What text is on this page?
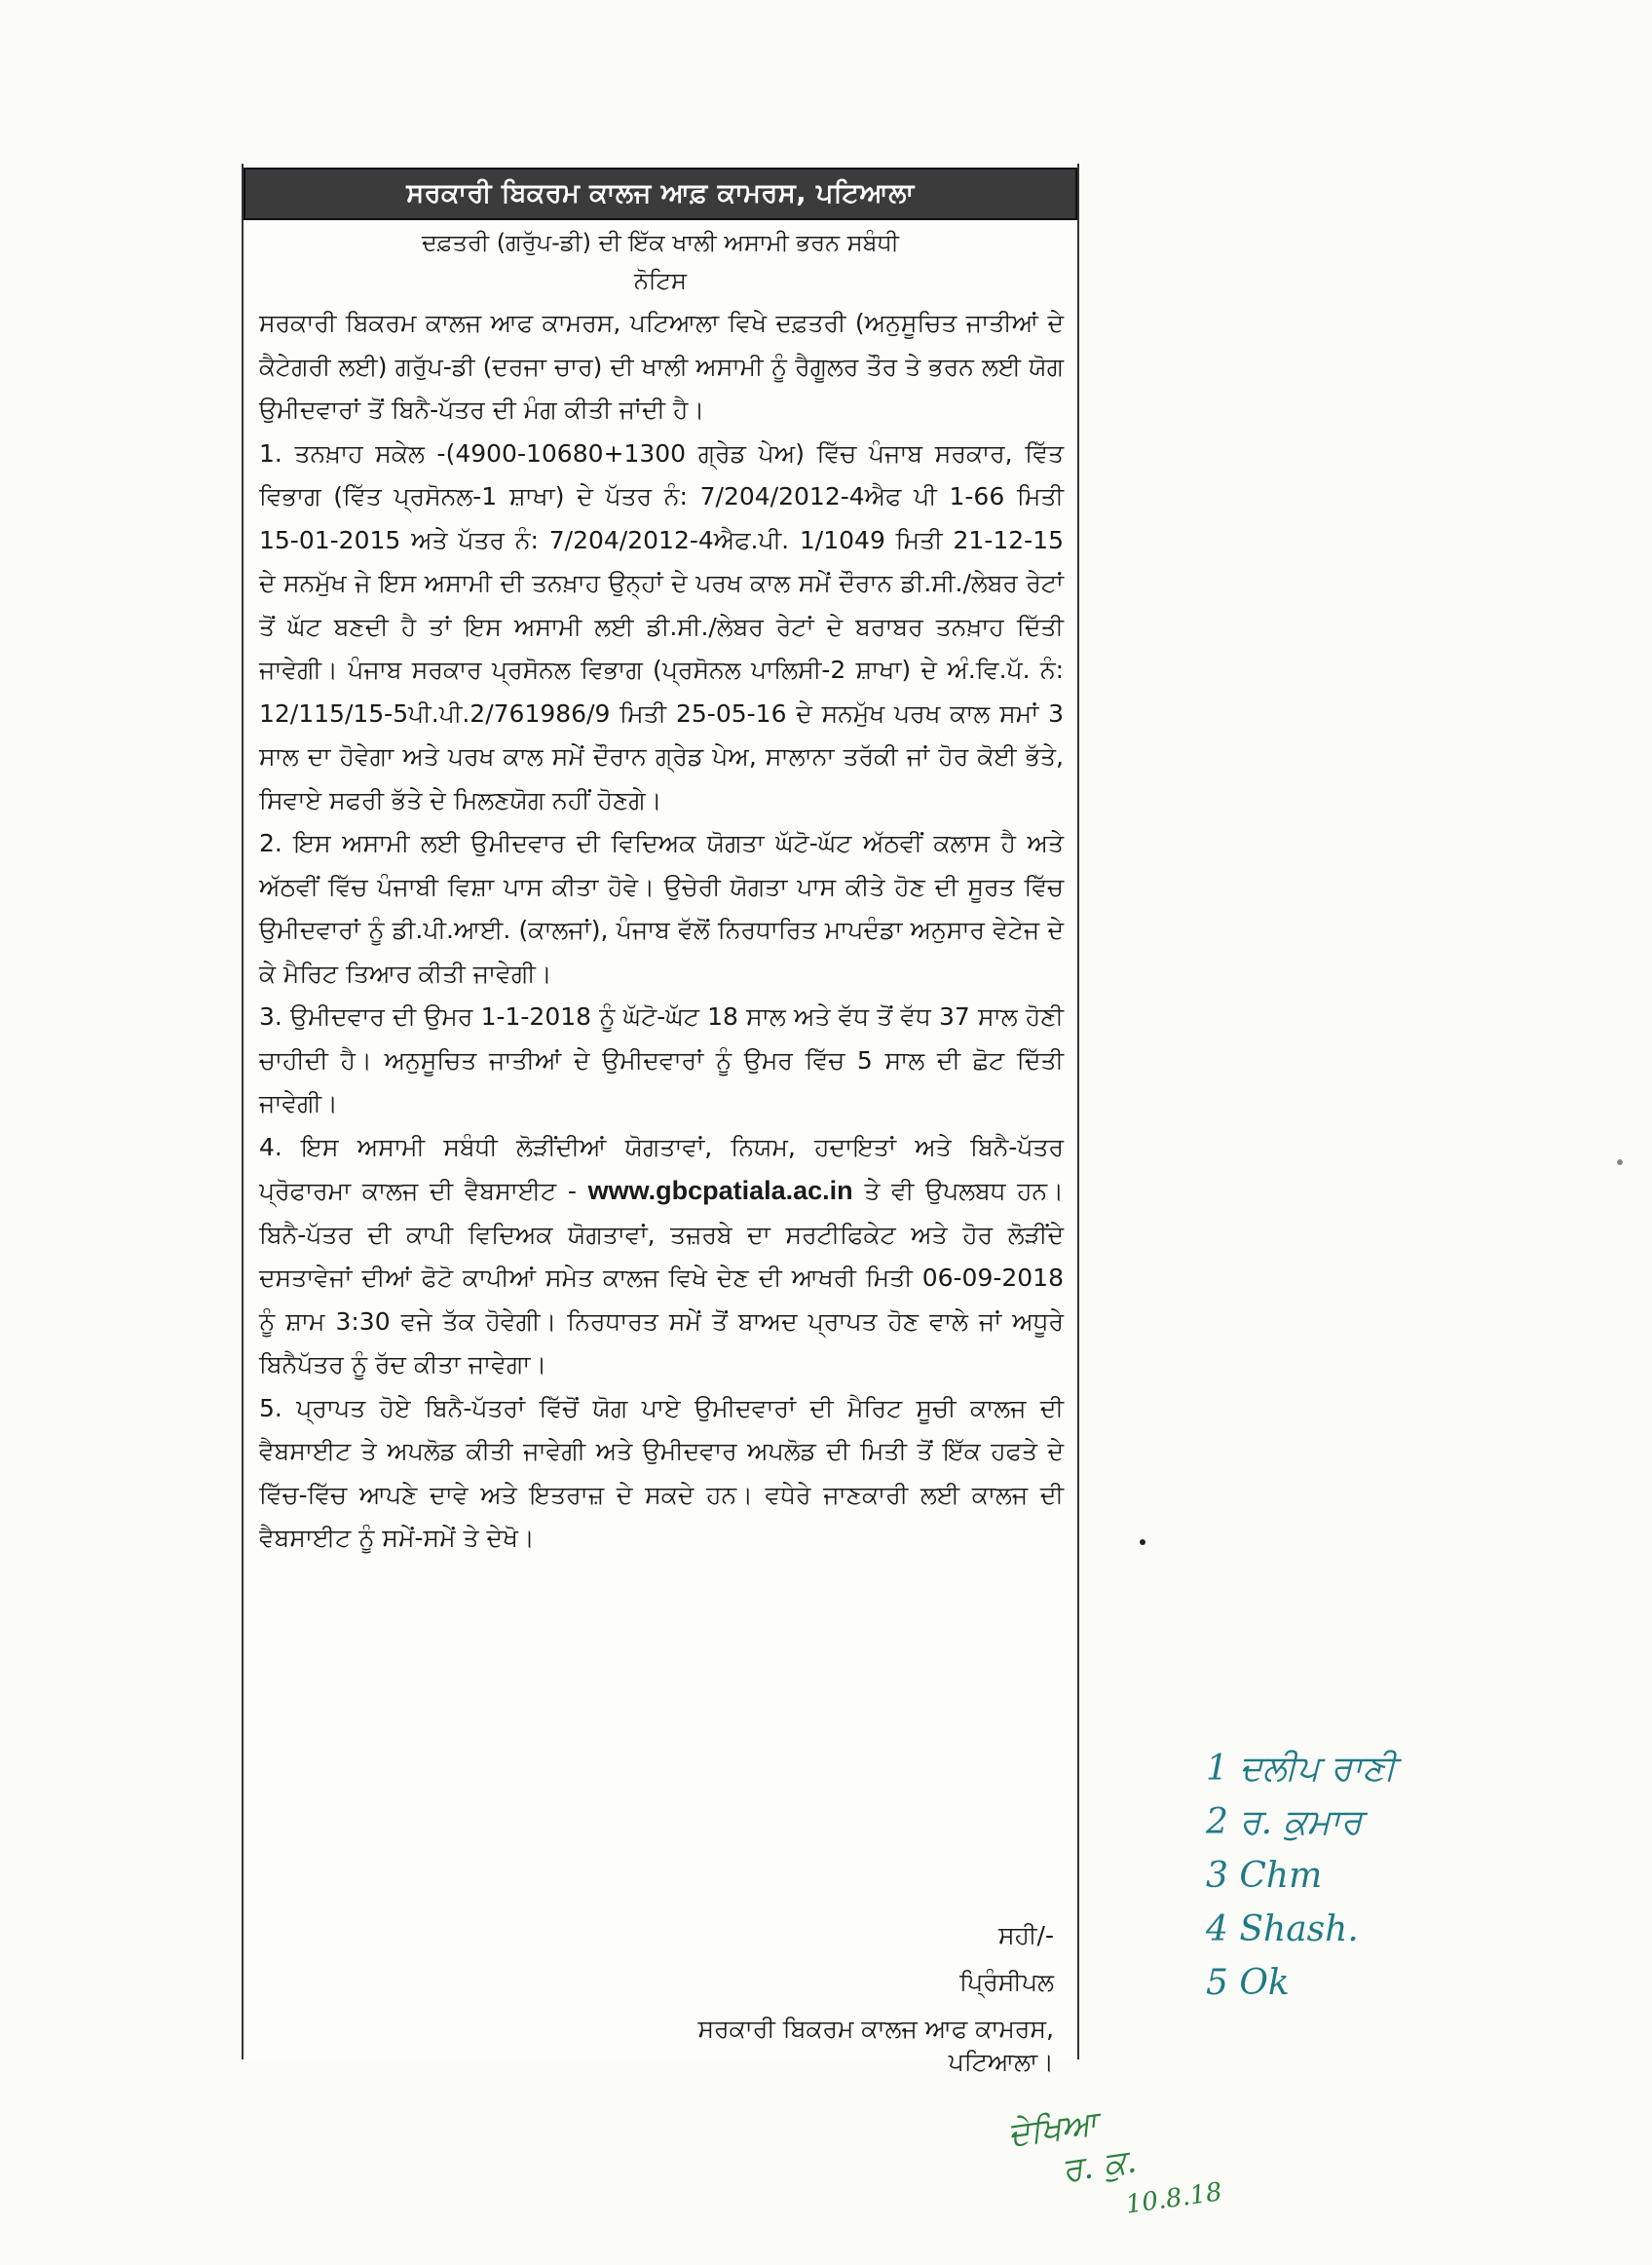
ਸਰਕਾਰੀ ਬਿਕਰਮ ਕਾਲਜ ਆਫ਼ ਕਾਮਰਸ, ਪਟਿਆਲਾ
ਦਫ਼ਤਰੀ (ਗਰੁੱਪ-ਡੀ) ਦੀ ਇੱਕ ਖਾਲੀ ਅਸਾਮੀ ਭਰਨ ਸਬੰਧੀ
ਨੋਟਿਸ

ਸਰਕਾਰੀ ਬਿਕਰਮ ਕਾਲਜ ਆਫ ਕਾਮਰਸ, ਪਟਿਆਲਾ ਵਿਖੇ ਦਫ਼ਤਰੀ (ਅਨੁਸੂਚਿਤ ਜਾਤੀਆਂ ਦੇ ਕੈਟੇਗਰੀ ਲਈ) ਗਰੁੱਪ-ਡੀ (ਦਰਜਾ ਚਾਰ) ਦੀ ਖਾਲੀ ਅਸਾਮੀ ਨੂੰ ਰੈਗੂਲਰ ਤੌਰ ਤੇ ਭਰਨ ਲਈ ਯੋਗ ਉਮੀਦਵਾਰਾਂ ਤੋਂ ਬਿਨੈ-ਪੱਤਰ ਦੀ ਮੰਗ ਕੀਤੀ ਜਾਂਦੀ ਹੈ।

1. ਤਨਖ਼ਾਹ ਸਕੇਲ -(4900-10680+1300 ਗ੍ਰੇਡ ਪੇਅ) ਵਿੱਚ ਪੰਜਾਬ ਸਰਕਾਰ, ਵਿੱਤ ਵਿਭਾਗ (ਵਿੱਤ ਪ੍ਰਸੋਨਲ-1 ਸ਼ਾਖਾ) ਦੇ ਪੱਤਰ ਨੰ: 7/204/2012-4ਐਫ ਪੀ 1-66 ਮਿਤੀ 15-01-2015 ਅਤੇ ਪੱਤਰ ਨੰ: 7/204/2012-4ਐਫ.ਪੀ. 1/1049 ਮਿਤੀ 21-12-15 ਦੇ ਸਨਮੁੱਖ ਜੇ ਇਸ ਅਸਾਮੀ ਦੀ ਤਨਖ਼ਾਹ ਉਨ੍ਹਾਂ ਦੇ ਪਰਖ ਕਾਲ ਸਮੇਂ ਦੌਰਾਨ ਡੀ.ਸੀ./ਲੇਬਰ ਰੇਟਾਂ ਤੋਂ ਘੱਟ ਬਣਦੀ ਹੈ ਤਾਂ ਇਸ ਅਸਾਮੀ ਲਈ ਡੀ.ਸੀ./ਲੇਬਰ ਰੇਟਾਂ ਦੇ ਬਰਾਬਰ ਤਨਖ਼ਾਹ ਦਿੱਤੀ ਜਾਵੇਗੀ। ਪੰਜਾਬ ਸਰਕਾਰ ਪ੍ਰਸੋਨਲ ਵਿਭਾਗ (ਪ੍ਰਸੋਨਲ ਪਾਲਿਸੀ-2 ਸ਼ਾਖਾ) ਦੇ ਅੰ.ਵਿ.ਪੱ. ਨੰ: 12/115/15-5ਪੀ.ਪੀ.2/761986/9 ਮਿਤੀ 25-05-16 ਦੇ ਸਨਮੁੱਖ ਪਰਖ ਕਾਲ ਸਮਾਂ 3 ਸਾਲ ਦਾ ਹੋਵੇਗਾ ਅਤੇ ਪਰਖ ਕਾਲ ਸਮੇਂ ਦੌਰਾਨ ਗ੍ਰੇਡ ਪੇਅ, ਸਾਲਾਨਾ ਤਰੱਕੀ ਜਾਂ ਹੋਰ ਕੋਈ ਭੱਤੇ, ਸਿਵਾਏ ਸਫਰੀ ਭੱਤੇ ਦੇ ਮਿਲਣਯੋਗ ਨਹੀਂ ਹੋਣਗੇ।

2. ਇਸ ਅਸਾਮੀ ਲਈ ਉਮੀਦਵਾਰ ਦੀ ਵਿਦਿਅਕ ਯੋਗਤਾ ਘੱਟੋ-ਘੱਟ ਅੱਠਵੀਂ ਕਲਾਸ ਹੈ ਅਤੇ ਅੱਠਵੀਂ ਵਿੱਚ ਪੰਜਾਬੀ ਵਿਸ਼ਾ ਪਾਸ ਕੀਤਾ ਹੋਵੇ। ਉਚੇਰੀ ਯੋਗਤਾ ਪਾਸ ਕੀਤੇ ਹੋਣ ਦੀ ਸੂਰਤ ਵਿੱਚ ਉਮੀਦਵਾਰਾਂ ਨੂੰ ਡੀ.ਪੀ.ਆਈ. (ਕਾਲਜਾਂ), ਪੰਜਾਬ ਵੱਲੋਂ ਨਿਰਧਾਰਿਤ ਮਾਪਦੰਡਾ ਅਨੁਸਾਰ ਵੇਟੇਜ ਦੇ ਕੇ ਮੈਰਿਟ ਤਿਆਰ ਕੀਤੀ ਜਾਵੇਗੀ।

3. ਉਮੀਦਵਾਰ ਦੀ ਉਮਰ 1-1-2018 ਨੂੰ ਘੱਟੋ-ਘੱਟ 18 ਸਾਲ ਅਤੇ ਵੱਧ ਤੋਂ ਵੱਧ 37 ਸਾਲ ਹੋਣੀ ਚਾਹੀਦੀ ਹੈ। ਅਨੁਸੂਚਿਤ ਜਾਤੀਆਂ ਦੇ ਉਮੀਦਵਾਰਾਂ ਨੂੰ ਉਮਰ ਵਿੱਚ 5 ਸਾਲ ਦੀ ਛੋਟ ਦਿੱਤੀ ਜਾਵੇਗੀ।

4. ਇਸ ਅਸਾਮੀ ਸਬੰਧੀ ਲੋੜੀਂਦੀਆਂ ਯੋਗਤਾਵਾਂ, ਨਿਯਮ, ਹਦਾਇਤਾਂ ਅਤੇ ਬਿਨੈ-ਪੱਤਰ ਪ੍ਰੋਫਾਰਮਾ ਕਾਲਜ ਦੀ ਵੈਬਸਾਈਟ - www.gbcpatiala.ac.in ਤੇ ਵੀ ਉਪਲਬਧ ਹਨ। ਬਿਨੈ-ਪੱਤਰ ਦੀ ਕਾਪੀ ਵਿਦਿਅਕ ਯੋਗਤਾਵਾਂ, ਤਜ਼ਰਬੇ ਦਾ ਸਰਟੀਫਿਕੇਟ ਅਤੇ ਹੋਰ ਲੋੜੀਂਦੇ ਦਸਤਾਵੇਜਾਂ ਦੀਆਂ ਫੋਟੋ ਕਾਪੀਆਂ ਸਮੇਤ ਕਾਲਜ ਵਿਖੇ ਦੇਣ ਦੀ ਆਖਰੀ ਮਿਤੀ 06-09-2018 ਨੂੰ ਸ਼ਾਮ 3:30 ਵਜੇ ਤੱਕ ਹੋਵੇਗੀ। ਨਿਰਧਾਰਤ ਸਮੇਂ ਤੋਂ ਬਾਅਦ ਪ੍ਰਾਪਤ ਹੋਣ ਵਾਲੇ ਜਾਂ ਅਧੂਰੇ ਬਿਨੈਪੱਤਰ ਨੂੰ ਰੱਦ ਕੀਤਾ ਜਾਵੇਗਾ।

5. ਪ੍ਰਾਪਤ ਹੋਏ ਬਿਨੈ-ਪੱਤਰਾਂ ਵਿੱਚੋਂ ਯੋਗ ਪਾਏ ਉਮੀਦਵਾਰਾਂ ਦੀ ਮੈਰਿਟ ਸੂਚੀ ਕਾਲਜ ਦੀ ਵੈਬਸਾਈਟ ਤੇ ਅਪਲੋਡ ਕੀਤੀ ਜਾਵੇਗੀ ਅਤੇ ਉਮੀਦਵਾਰ ਅਪਲੋਡ ਦੀ ਮਿਤੀ ਤੋਂ ਇੱਕ ਹਫਤੇ ਦੇ ਵਿੱਚ-ਵਿੱਚ ਆਪਣੇ ਦਾਵੇ ਅਤੇ ਇਤਰਾਜ਼ ਦੇ ਸਕਦੇ ਹਨ। ਵਧੇਰੇ ਜਾਣਕਾਰੀ ਲਈ ਕਾਲਜ ਦੀ ਵੈਬਸਾਈਟ ਨੂੰ ਸਮੇਂ-ਸਮੇਂ ਤੇ ਦੇਖੋ।

ਸਹੀ/-
ਪ੍ਰਿੰਸੀਪਲ
ਸਰਕਾਰੀ ਬਿਕਰਮ ਕਾਲਜ ਆਫ ਕਾਮਰਸ,
ਪਟਿਆਲਾ।
1 ਦਲੀਪ ਰਾਣੀ
2 ਰ. ਕੁਮਾਰ
3 Chm
4 Shash.
5 Ok
ਦੇਖਿਆ
ਰ. ਕੁ.
10.8.18
